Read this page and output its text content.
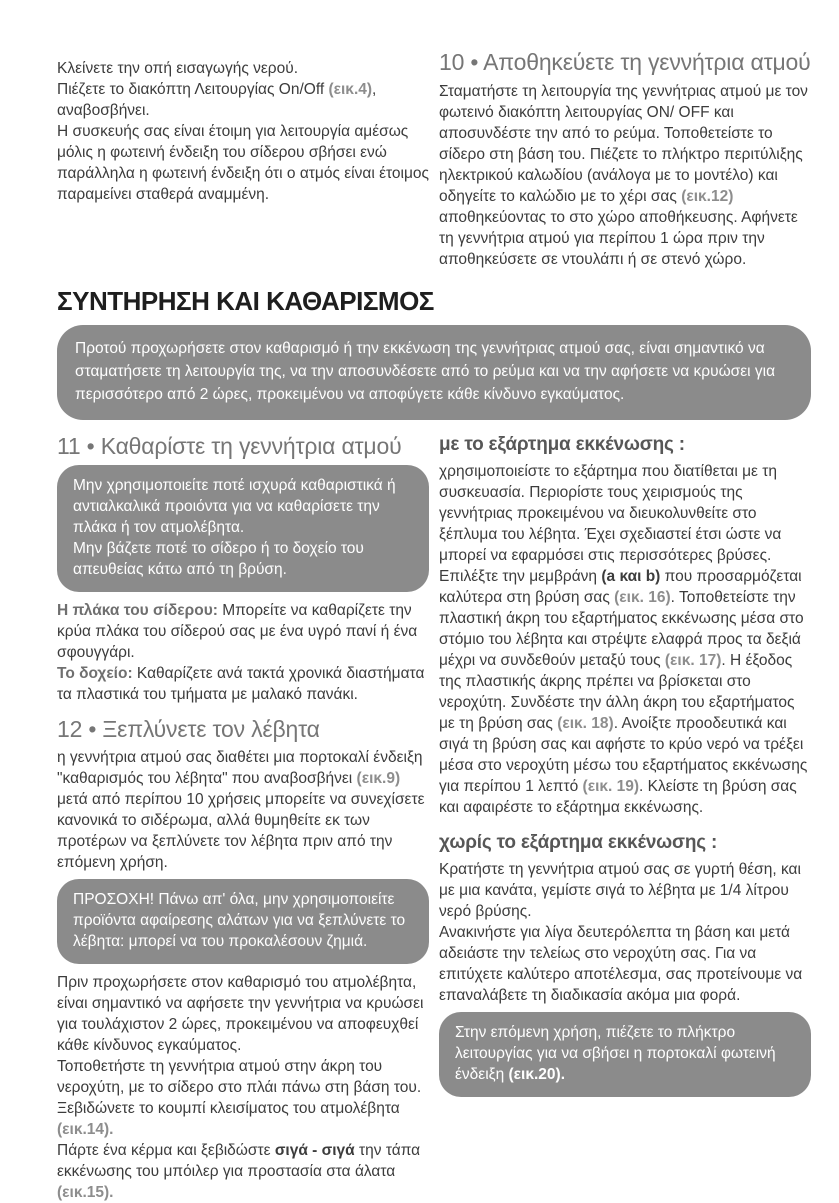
Κλείνετε την οπή εισαγωγής νερού.
Πιέζετε το διακόπτη Λειτουργίας On/Off (εικ.4),
αναβοσβήνει.
Η συσκευής σας είναι έτοιμη για λειτουργία αμέσως μόλις η φωτεινή ένδειξη του σίδερου σβήσει ενώ παράλληλα η φωτεινή ένδειξη ότι ο ατμός είναι έτοιμος παραμείνει σταθερά αναμμένη.

10 • Αποθηκεύετε τη γεννήτρια ατμού

Σταματήστε τη λειτουργία της γεννήτριας ατμού με τον φωτεινό διακόπτη λειτουργίας ON/ OFF και αποσυνδέστε την από το ρεύμα. Τοποθετείστε το σίδερο στη βάση του. Πιέζετε το πλήκτρο περιτύλιξης ηλεκτρικού καλωδίου (ανάλογα με το μοντέλο) και οδηγείτε το καλώδιο με το χέρι σας (εικ.12) αποθηκεύοντας το στο χώρο αποθήκευσης. Αφήνετε τη γεννήτρια ατμού για περίπου 1 ώρα πριν την αποθηκεύσετε σε ντουλάπι ή σε στενό χώρο.

ΣΥΝΤΗΡΗΣΗ ΚΑΙ ΚΑΘΑΡΙΣΜΟΣ

Προτού προχωρήσετε στον καθαρισμό ή την εκκένωση της γεννήτριας ατμού σας, είναι σημαντικό να σταματήσετε τη λειτουργία της, να την αποσυνδέσετε από το ρεύμα και να την αφήσετε να κρυώσει για περισσότερο από 2 ώρες, προκειμένου να αποφύγετε κάθε κίνδυνο εγκαύματος.

11 • Καθαρίστε τη γεννήτρια ατμού

Μην χρησιμοποιείτε ποτέ ισχυρά καθαριστικά ή αντιαλκαλικά προιόντα για να καθαρίσετε την πλάκα ή τον ατμολέβητα.
Μην βάζετε ποτέ το σίδερο ή το δοχείο του απευθείας κάτω από τη βρύση.

Η πλάκα του σίδερου: Μπορείτε να καθαρίζετε την κρύα πλάκα του σίδερού σας με ένα υγρό πανί ή ένα σφουγγάρι.
Το δοχείο: Καθαρίζετε ανά τακτά χρονικά διαστήματα τα πλαστικά του τμήματα με μαλακό πανάκι.

12 • Ξεπλύνετε τον λέβητα

η γεννήτρια ατμού σας διαθέτει μια πορτοκαλί ένδειξη "καθαρισμός του λέβητα" που αναβοσβήνει (εικ.9) μετά από περίπου 10 χρήσεις μπορείτε να συνεχίσετε κανονικά το σιδέρωμα, αλλά θυμηθείτε εκ των προτέρων να ξεπλύνετε τον λέβητα πριν από την επόμενη χρήση.

ΠΡΟΣΟΧΗ! Πάνω απ' όλα, μην χρησιμοποιείτε προϊόντα αφαίρεσης αλάτων για να ξεπλύνετε το λέβητα: μπορεί να του προκαλέσουν ζημιά.

Πριν προχωρήσετε στον καθαρισμό του ατμολέβητα, είναι σημαντικό να αφήσετε την γεννήτρια να κρυώσει για τουλάχιστον 2 ώρες, προκειμένου να αποφευχθεί κάθε κίνδυνος εγκαύματος.
Τοποθετήστε τη γεννήτρια ατμού στην άκρη του νεροχύτη, με το σίδερο στο πλάι πάνω στη βάση του. Ξεβιδώνετε το κουμπί κλεισίματος του ατμολέβητα (εικ.14).
Πάρτε ένα κέρμα και ξεβιδώστε σιγά - σιγά την τάπα εκκένωσης του μπόιλερ για προστασία στα άλατα (εικ.15).

με το εξάρτημα εκκένωσης :

χρησιμοποιείστε το εξάρτημα που διατίθεται με τη συσκευασία. Περιορίστε τους χειρισμούς της γεννήτριας προκειμένου να διευκολυνθείτε στο ξέπλυμα του λέβητα. Έχει σχεδιαστεί έτσι ώστε να μπορεί να εφαρμόσει στις περισσότερες βρύσες. Επιλέξτε την μεμβράνη (a και b) που προσαρμόζεται καλύτερα στη βρύση σας (εικ. 16). Τοποθετείστε την πλαστική άκρη του εξαρτήματος εκκένωσης μέσα στο στόμιο του λέβητα και στρέψτε ελαφρά προς τα δεξιά μέχρι να συνδεθούν μεταξύ τους (εικ. 17). Η έξοδος της πλαστικής άκρης πρέπει να βρίσκεται στο νεροχύτη. Συνδέστε την άλλη άκρη του εξαρτήματος με τη βρύση σας (εικ. 18). Ανοίξτε προοδευτικά και σιγά τη βρύση σας και αφήστε το κρύο νερό να τρέξει μέσα στο νεροχύτη μέσω του εξαρτήματος εκκένωσης για περίπου 1 λεπτό (εικ. 19). Κλείστε τη βρύση σας και αφαιρέστε το εξάρτημα εκκένωσης.

χωρίς το εξάρτημα εκκένωσης :

Κρατήστε τη γεννήτρια ατμού σας σε γυρτή θέση, και με μια κανάτα, γεμίστε σιγά το λέβητα με 1/4 λίτρου νερό βρύσης.
Ανακινήστε για λίγα δευτερόλεπτα τη βάση και μετά αδειάστε την τελείως στο νεροχύτη σας. Για να επιτύχετε καλύτερο αποτέλεσμα, σας προτείνουμε να επαναλάβετε τη διαδικασία ακόμα μια φορά.

Στην επόμενη χρήση, πιέζετε το πλήκτρο λειτουργίας για να σβήσει η πορτοκαλί φωτεινή ένδειξη (εικ.20).
